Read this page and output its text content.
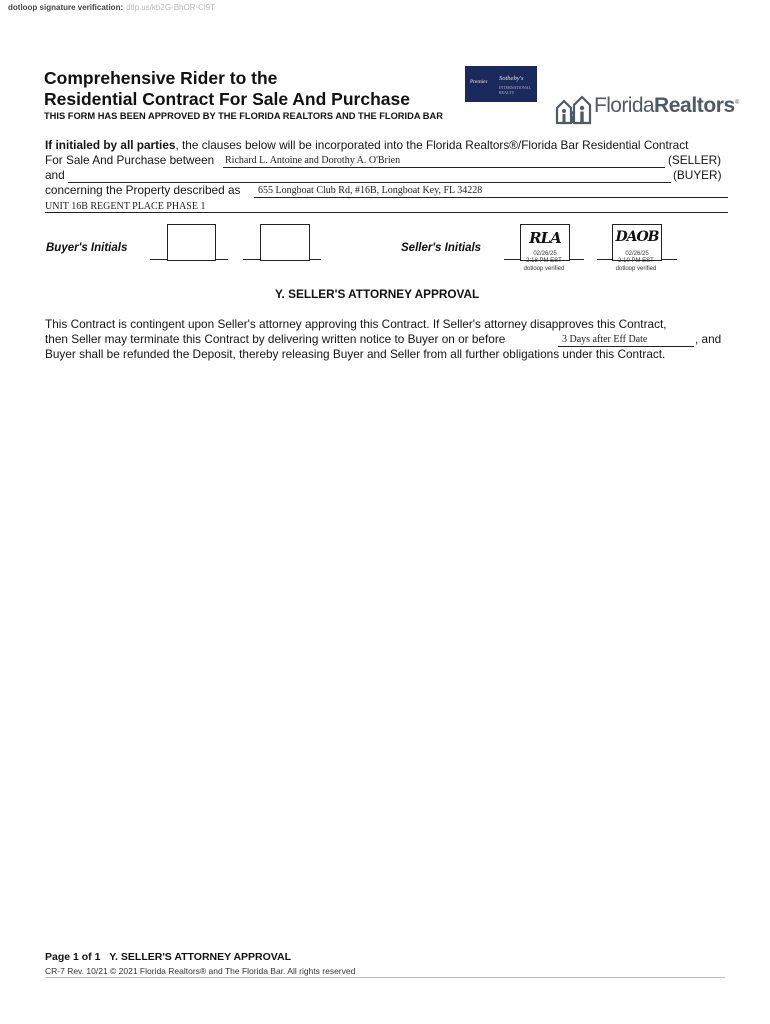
dotloop signature verification: dtlp.us/kb2G-BhOR-Cl9T
Comprehensive Rider to the
Residential Contract For Sale And Purchase
THIS FORM HAS BEEN APPROVED BY THE FLORIDA REALTORS AND THE FLORIDA BAR
Premier Sotheby's
INTERNATIONAL REALTY
FloridaRealtors®
If initialed by all parties, the clauses below will be incorporated into the Florida Realtors®/Florida Bar Residential Contract
For Sale And Purchase between Richard L. Antoine and Dorothy A. O'Brien	(SELLER)
and	(BUYER)
concerning the Property described as 655 Longboat Club Rd, #16B, Longboat Key, FL 34228
UNIT 16B REGENT PLACE PHASE 1
Buyer's Initials	Seller's Initials
RLA
02/26/25
2:18 PM EST
dotloop verified
DAOB
02/26/25
2:10 PM EST
dotloop verified
Y. SELLER'S ATTORNEY APPROVAL
This Contract is contingent upon Seller's attorney approving this Contract. If Seller's attorney disapproves this Contract,
then Seller may terminate this Contract by delivering written notice to Buyer on or before	3 Days after Eff Date	, and
Buyer shall be refunded the Deposit, thereby releasing Buyer and Seller from all further obligations under this Contract.
Page 1 of 1 Y. SELLER'S ATTORNEY APPROVAL
CR-7 Rev. 10/21 © 2021 Florida Realtors® and The Florida Bar. All rights reserved
